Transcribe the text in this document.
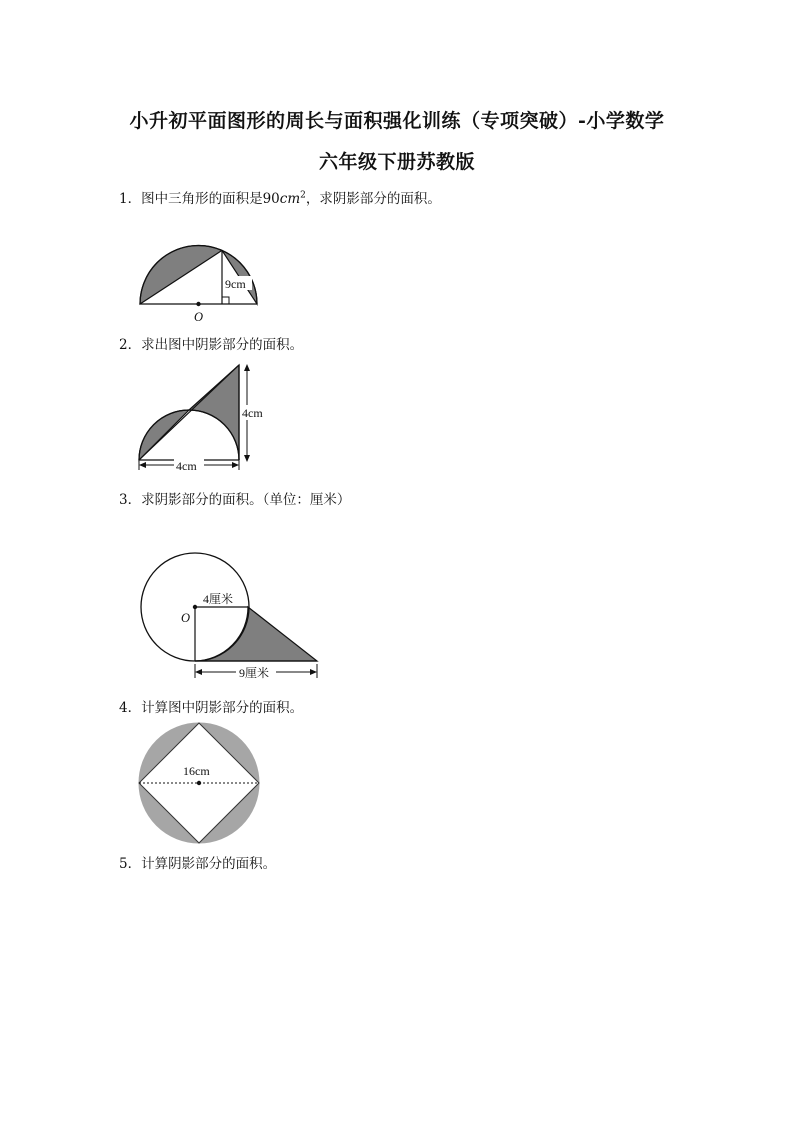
小升初平面图形的周长与面积强化训练（专项突破）-小学数学
六年级下册苏教版
1．图中三角形的面积是$90cm^2$，求阴影部分的面积。
9cm
O
4cm
4cm
O
4厘米
9厘米
16cm
2．求出图中阴影部分的面积。
3．求阴影部分的面积。（单位：厘米）
4．计算图中阴影部分的面积。
5．计算阴影部分的面积。
